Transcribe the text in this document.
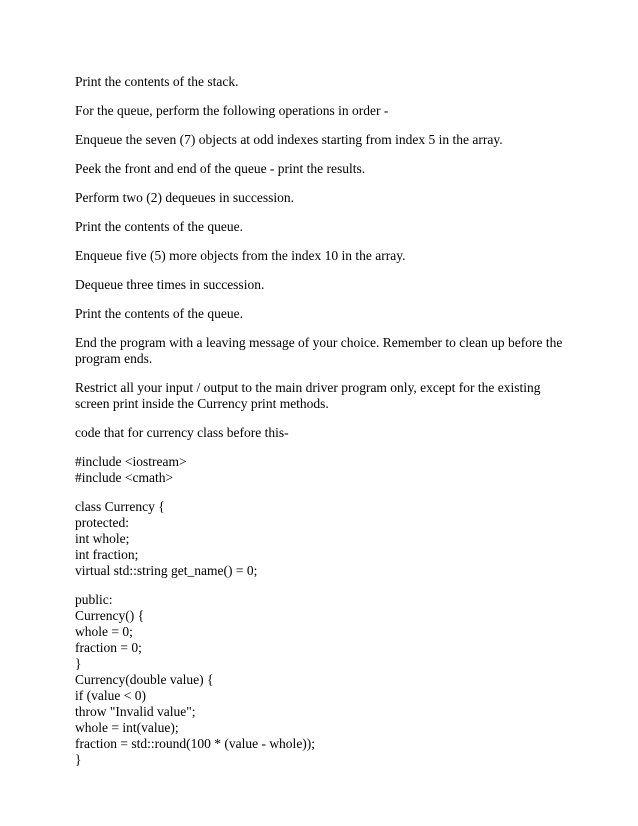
Print the contents of the stack.

For the queue, perform the following operations in order -

Enqueue the seven (7) objects at odd indexes starting from index 5 in the array.

Peek the front and end of the queue - print the results.

Perform two (2) dequeues in succession.

Print the contents of the queue.

Enqueue five (5) more objects from the index 10 in the array.

Dequeue three times in succession.

Print the contents of the queue.

End the program with a leaving message of your choice. Remember to clean up before the program ends.

Restrict all your input / output to the main driver program only, except for the existing screen print inside the Currency print methods.

code that for currency class before this-

#include <iostream>
#include <cmath>
class Currency {
protected:
int whole;
int fraction;
virtual std::string get_name() = 0;
public:
Currency() {
whole = 0;
fraction = 0;
}
Currency(double value) {
if (value < 0)
throw "Invalid value";
whole = int(value);
fraction = std::round(100 * (value - whole));
}
